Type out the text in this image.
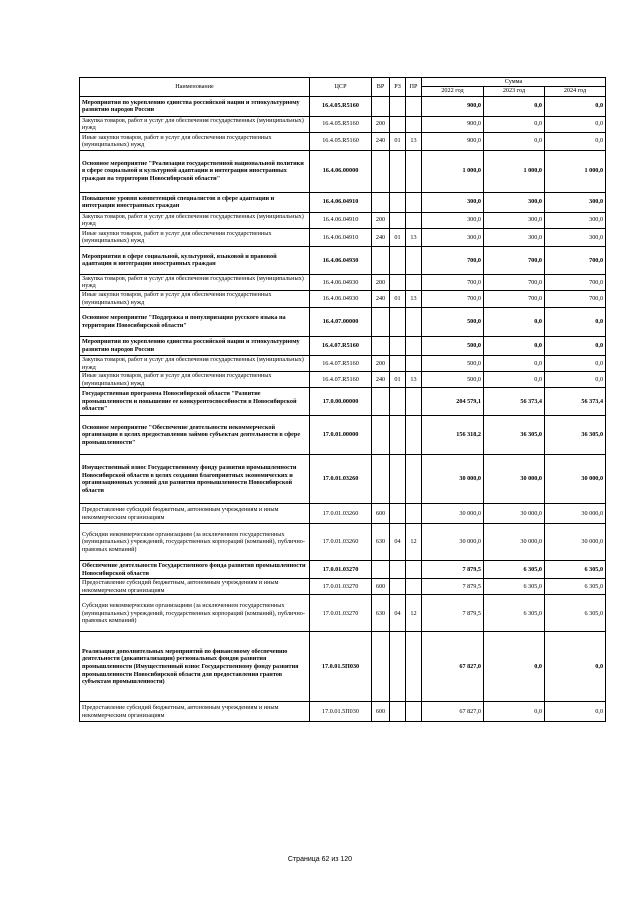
Наименование	ЦСР	ВР	РЗ	ПР	Сумма		
					2022 год	2023 год	2024 год
Мероприятия по укреплению единства российской нации и этнокультурному развитию народов России	16.4.05.R5160				900,0	0,0	0,0
Закупка товаров, работ и услуг для обеспечения государственных (муниципальных) нужд	16.4.05.R5160	200			900,0	0,0	0,0
Иные закупки товаров, работ и услуг для обеспечения государственных (муниципальных) нужд	16.4.05.R5160	240	01	13	900,0	0,0	0,0
Основное мероприятие "Реализация государственной национальной политики в сфере социальной и культурной адаптации и интеграции иностранных граждан на территории Новосибирской области"	16.4.06.00000				1 000,0	1 000,0	1 000,0
Повышение уровня компетенций специалистов в сфере адаптации и интеграции иностранных граждан	16.4.06.04910				300,0	300,0	300,0
Закупка товаров, работ и услуг для обеспечения государственных (муниципальных) нужд	16.4.06.04910	200			300,0	300,0	300,0
Иные закупки товаров, работ и услуг для обеспечения государственных (муниципальных) нужд	16.4.06.04910	240	01	13	300,0	300,0	300,0
Мероприятия в сфере социальной, культурной, языковой и правовой адаптации и интеграции иностранных граждан	16.4.06.04930				700,0	700,0	700,0
Закупка товаров, работ и услуг для обеспечения государственных (муниципальных) нужд	16.4.06.04930	200			700,0	700,0	700,0
Иные закупки товаров, работ и услуг для обеспечения государственных (муниципальных) нужд	16.4.06.04930	240	01	13	700,0	700,0	700,0
Основное мероприятие "Поддержка и популяризация русского языка на территории Новосибирской области"	16.4.07.00000				500,0	0,0	0,0
Мероприятия по укреплению единства российской нации и этнокультурному развитию народов России	16.4.07.R5160				500,0	0,0	0,0
Закупка товаров, работ и услуг для обеспечения государственных (муниципальных) нужд	16.4.07.R5160	200			500,0	0,0	0,0
Иные закупки товаров, работ и услуг для обеспечения государственных (муниципальных) нужд	16.4.07.R5160	240	01	13	500,0	0,0	0,0
Государственная программа Новосибирской области "Развитие промышленности и повышение ее конкурентоспособности в Новосибирской области"	17.0.00.00000				204 579,1	56 373,4	56 373,4
Основное мероприятие "Обеспечение деятельности некоммерческой организации в целях предоставления займов субъектам деятельности в сфере промышленности"	17.0.01.00000				156 318,2	36 305,0	36 305,0
Имущественный взнос Государственному фонду развития промышленности Новосибирской области в целях создания благоприятных экономических и организационных условий для развития промышленности Новосибирской области	17.0.01.03260				30 000,0	30 000,0	30 000,0
Предоставление субсидий бюджетным, автономным учреждениям и иным некоммерческим организациям	17.0.01.03260	600			30 000,0	30 000,0	30 000,0
Субсидии некоммерческим организациям (за исключением государственных (муниципальных) учреждений, государственных корпораций (компаний), публично-правовых компаний)	17.0.01.03260	630	04	12	30 000,0	30 000,0	30 000,0
Обеспечение деятельности Государственного фонда развития промышленности Новосибирской области	17.0.01.03270				7 879,5	6 305,0	6 305,0
Предоставление субсидий бюджетным, автономным учреждениям и иным некоммерческим организациям	17.0.01.03270	600			7 879,5	6 305,0	6 305,0
Субсидии некоммерческим организациям (за исключением государственных (муниципальных) учреждений, государственных корпораций (компаний), публично-правовых компаний)	17.0.01.03270	630	04	12	7 879,5	6 305,0	6 305,0
Реализация дополнительных мероприятий по финансовому обеспечению деятельности (докапитализации) региональных фондов развития промышленности (Имущественный взнос Государственному фонду развития промышленности Новосибирской области для предоставления грантов субъектам промышленности)	17.0.01.5П030				67 827,0	0,0	0,0
Предоставление субсидий бюджетным, автономным учреждениям и иным некоммерческим организациям	17.0.01.5П030	600			67 827,0	0,0	0,0
Страница 62 из 120
